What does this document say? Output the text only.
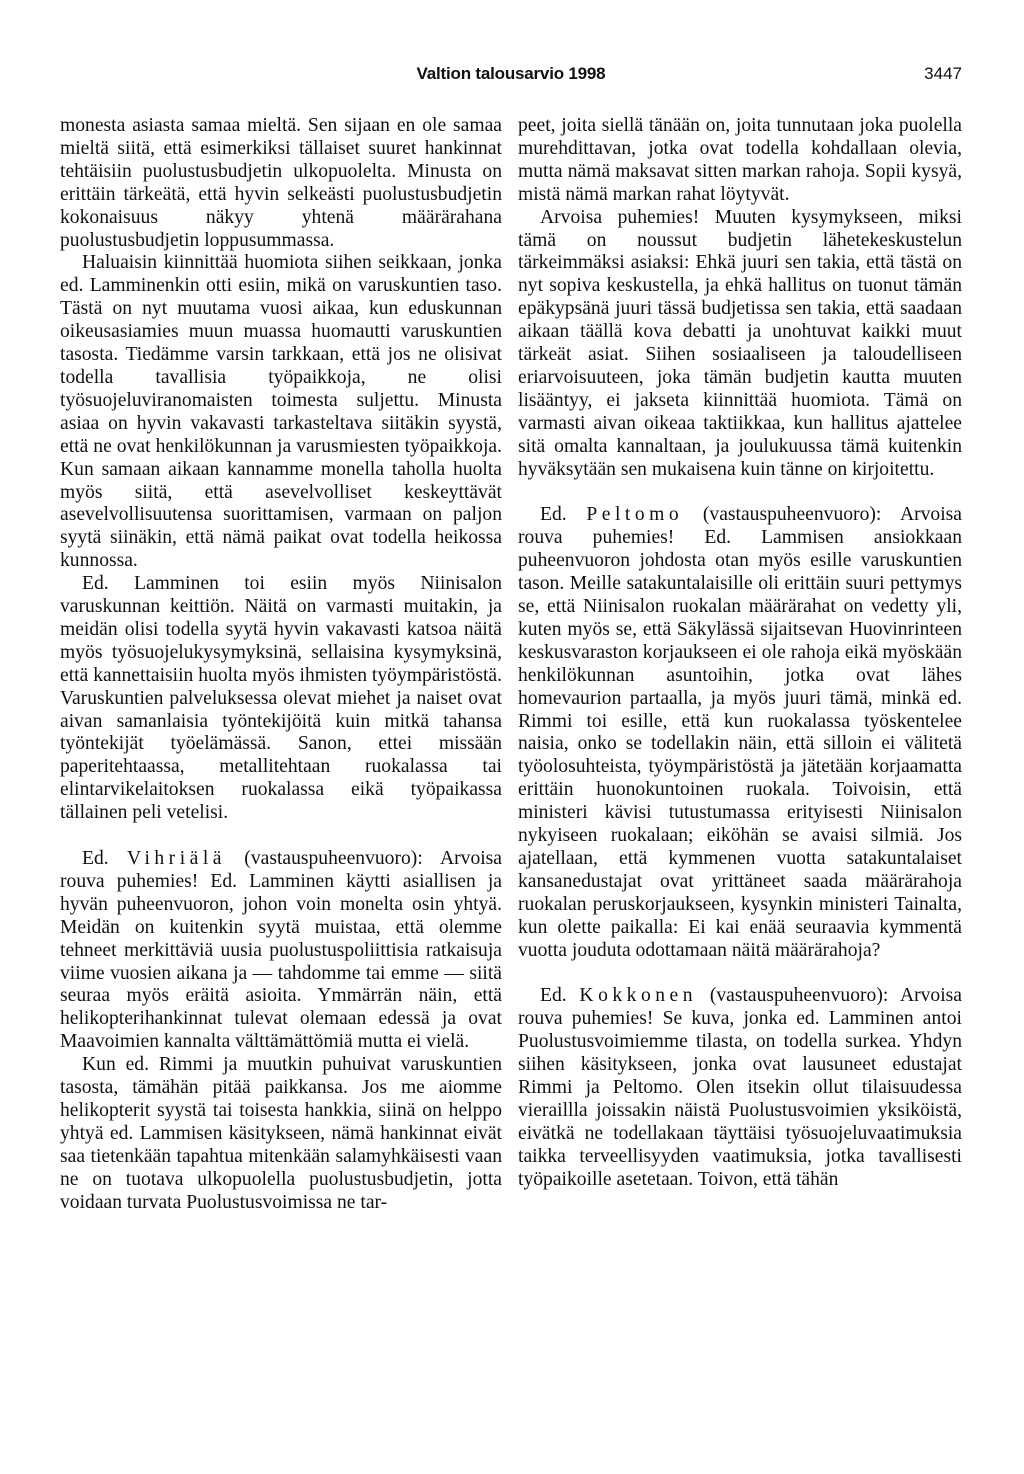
Valtion talousarvio 1998	3447

monesta asiasta samaa mieltä. Sen sijaan en ole samaa mieltä siitä, että esimerkiksi tällaiset suuret hankinnat tehtäisiin puolustusbudjetin ulkopuolelta. Minusta on erittäin tärkeätä, että hyvin selkeästi puolustusbudjetin kokonaisuus näkyy yhtenä määrärahana puolustusbudjetin loppusummassa.

Haluaisin kiinnittää huomiota siihen seikkaan, jonka ed. Lamminenkin otti esiin, mikä on varuskuntien taso. Tästä on nyt muutama vuosi aikaa, kun eduskunnan oikeusasiamies muun muassa huomautti varuskuntien tasosta. Tiedämme varsin tarkkaan, että jos ne olisivat todella tavallisia työpaikkoja, ne olisi työsuojeluviranomaisten toimesta suljettu. Minusta asiaa on hyvin vakavasti tarkasteltava siitäkin syystä, että ne ovat henkilökunnan ja varusmiesten työpaikkoja. Kun samaan aikaan kannamme monella taholla huolta myös siitä, että asevelvolliset keskeyttävät asevelvollisuutensa suorittamisen, varmaan on paljon syytä siinäkin, että nämä paikat ovat todella heikossa kunnossa.

Ed. Lamminen toi esiin myös Niinisalon varuskunnan keittiön. Näitä on varmasti muitakin, ja meidän olisi todella syytä hyvin vakavasti katsoa näitä myös työsuojelukysymyksinä, sellaisina kysymyksinä, että kannettaisiin huolta myös ihmisten työympäristöstä. Varuskuntien palveluksessa olevat miehet ja naiset ovat aivan samanlaisia työntekijöitä kuin mitkä tahansa työntekijät työelämässä. Sanon, ettei missään paperitehtaassa, metallitehtaan ruokalassa tai elintarvikelaitoksen ruokalassa eikä työpaikassa tällainen peli vetelisi.

Ed. Vihriälä (vastauspuheenvuoro): Arvoisa rouva puhemies! Ed. Lamminen käytti asiallisen ja hyvän puheenvuoron, johon voin monelta osin yhtyä. Meidän on kuitenkin syytä muistaa, että olemme tehneet merkittäviä uusia puolustuspoliittisia ratkaisuja viime vuosien aikana ja — tahdomme tai emme — siitä seuraa myös eräitä asioita. Ymmärrän näin, että helikopterihankinnat tulevat olemaan edessä ja ovat Maavoimien kannalta välttämättömiä mutta ei vielä.

Kun ed. Rimmi ja muutkin puhuivat varuskuntien tasosta, tämähän pitää paikkansa. Jos me aiomme helikopterit syystä tai toisesta hankkia, siinä on helppo yhtyä ed. Lammisen käsitykseen, nämä hankinnat eivät saa tietenkään tapahtua mitenkään salamyhkäisesti vaan ne on tuotava ulkopuolella puolustusbudjetin, jotta voidaan turvata Puolustusvoimissa ne tar-

peet, joita siellä tänään on, joita tunnutaan joka puolella murehdittavan, jotka ovat todella kohdallaan olevia, mutta nämä maksavat sitten markan rahoja. Sopii kysyä, mistä nämä markan rahat löytyvät.

Arvoisa puhemies! Muuten kysymykseen, miksi tämä on noussut budjetin lähetekeskustelun tärkeimmäksi asiaksi: Ehkä juuri sen takia, että tästä on nyt sopiva keskustella, ja ehkä hallitus on tuonut tämän epäkypsänä juuri tässä budjetissa sen takia, että saadaan aikaan täällä kova debatti ja unohtuvat kaikki muut tärkeät asiat. Siihen sosiaaliseen ja taloudelliseen eriarvoisuuteen, joka tämän budjetin kautta muuten lisääntyy, ei jakseta kiinnittää huomiota. Tämä on varmasti aivan oikeaa taktiikkaa, kun hallitus ajattelee sitä omalta kannaltaan, ja joulukuussa tämä kuitenkin hyväksytään sen mukaisena kuin tänne on kirjoitettu.

Ed. Peltomo (vastauspuheenvuoro): Arvoisa rouva puhemies! Ed. Lammisen ansiokkaan puheenvuoron johdosta otan myös esille varuskuntien tason. Meille satakuntalaisille oli erittäin suuri pettymys se, että Niinisalon ruokalan määrärahat on vedetty yli, kuten myös se, että Säkylässä sijaitsevan Huovinrinteen keskusvaraston korjaukseen ei ole rahoja eikä myöskään henkilökunnan asuntoihin, jotka ovat lähes homevaurion partaalla, ja myös juuri tämä, minkä ed. Rimmi toi esille, että kun ruokalassa työskentelee naisia, onko se todellakin näin, että silloin ei välitetä työolosuhteista, työympäristöstä ja jätetään korjaamatta erittäin huonokuntoinen ruokala. Toivoisin, että ministeri kävisi tutustumassa erityisesti Niinisalon nykyiseen ruokalaan; eiköhän se avaisi silmiä. Jos ajatellaan, että kymmenen vuotta satakuntalaiset kansanedustajat ovat yrittäneet saada määrärahoja ruokalan peruskorjaukseen, kysynkin ministeri Tainalta, kun olette paikalla: Ei kai enää seuraavia kymmentä vuotta jouduta odottamaan näitä määrärahoja?

Ed. Kokkonen (vastauspuheenvuoro): Arvoisa rouva puhemies! Se kuva, jonka ed. Lamminen antoi Puolustusvoimiemme tilasta, on todella surkea. Yhdyn siihen käsitykseen, jonka ovat lausuneet edustajat Rimmi ja Peltomo. Olen itsekin ollut tilaisuudessa vieraillla joissakin näistä Puolustusvoimien yksiköistä, eivätkä ne todellakaan täyttäisi työsuojeluvaatimuksia taikka terveellisyyden vaatimuksia, jotka tavallisesti työpaikoille asetetaan. Toivon, että tähän
